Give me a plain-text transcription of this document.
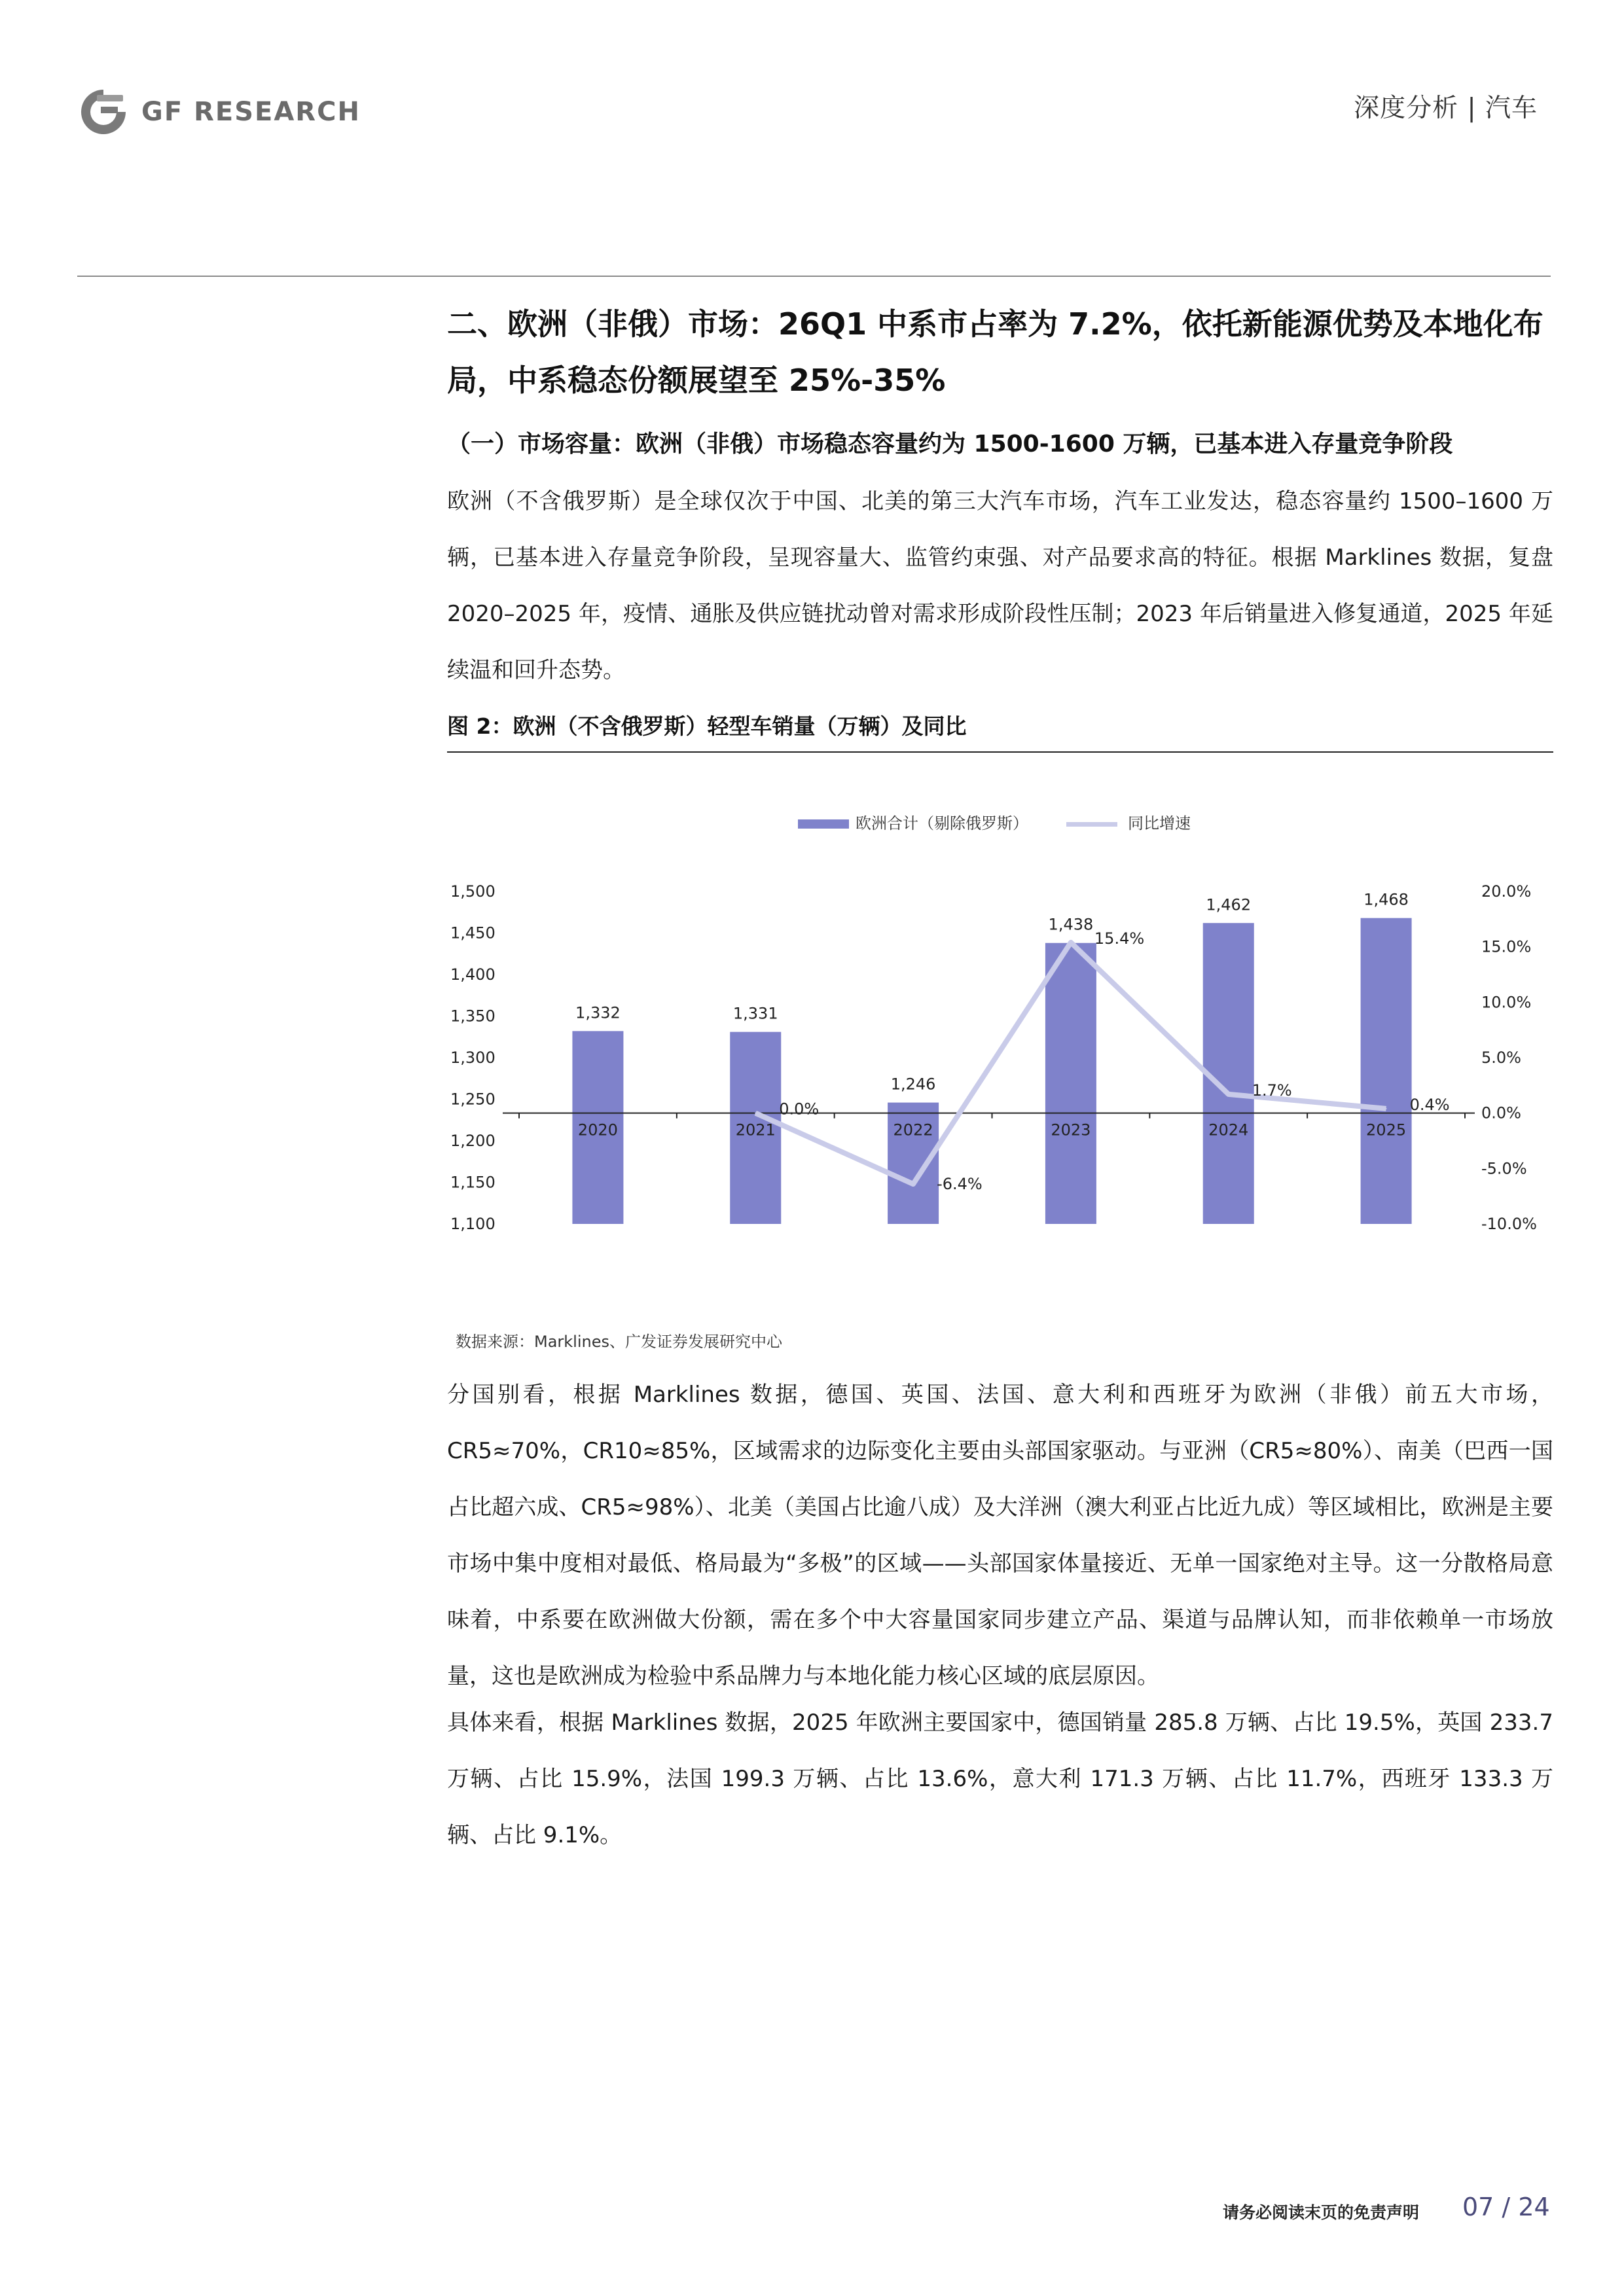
GF RESEARCH	深度分析 | 汽车
二、欧洲（非俄）市场：26Q1 中系市占率为 7.2%，依托新能源优势及本地化布局，中系稳态份额展望至 25%-35%
（一）市场容量：欧洲（非俄）市场稳态容量约为 1500-1600 万辆，已基本进入存量竞争阶段
欧洲（不含俄罗斯）是全球仅次于中国、北美的第三大汽车市场，汽车工业发达，稳态容量约 1500–1600 万辆，已基本进入存量竞争阶段，呈现容量大、监管约束强、对产品要求高的特征。根据 Marklines 数据，复盘 2020–2025 年，疫情、通胀及供应链扰动曾对需求形成阶段性压制；2023 年后销量进入修复通道，2025 年延续温和回升态势。
图 2：欧洲（不含俄罗斯）轻型车销量（万辆）及同比
欧洲合计（剔除俄罗斯）	同比增速
1,100
1,150
1,200
1,250
1,300
1,350
1,400
1,450
1,500
-10.0%
-5.0%
0.0%
5.0%
10.0%
15.0%
20.0%
2020	2021	2022	2023	2024	2025
1,332	1,331
1,246
1,438
1,462	1,468
0.0%
-6.4%
15.4%
1.7%
0.4%
数据来源：Marklines、广发证券发展研究中心
分国别看，根据 Marklines 数据，德国、英国、法国、意大利和西班牙为欧洲（非俄）前五大市场，CR5≈70%，CR10≈85%，区域需求的边际变化主要由头部国家驱动。与亚洲（CR5≈80%）、南美（巴西一国占比超六成、CR5≈98%）、北美（美国占比逾八成）及大洋洲（澳大利亚占比近九成）等区域相比，欧洲是主要市场中集中度相对最低、格局最为“多极”的区域——头部国家体量接近、无单一国家绝对主导。这一分散格局意味着，中系要在欧洲做大份额，需在多个中大容量国家同步建立产品、渠道与品牌认知，而非依赖单一市场放量，这也是欧洲成为检验中系品牌力与本地化能力核心区域的底层原因。
具体来看，根据 Marklines 数据，2025 年欧洲主要国家中，德国销量 285.8 万辆、占比 19.5%，英国 233.7 万辆、占比 15.9%，法国 199.3 万辆、占比 13.6%，意大利 171.3 万辆、占比 11.7%，西班牙 133.3 万辆、占比 9.1%。
请务必阅读末页的免责声明 07 / 24
